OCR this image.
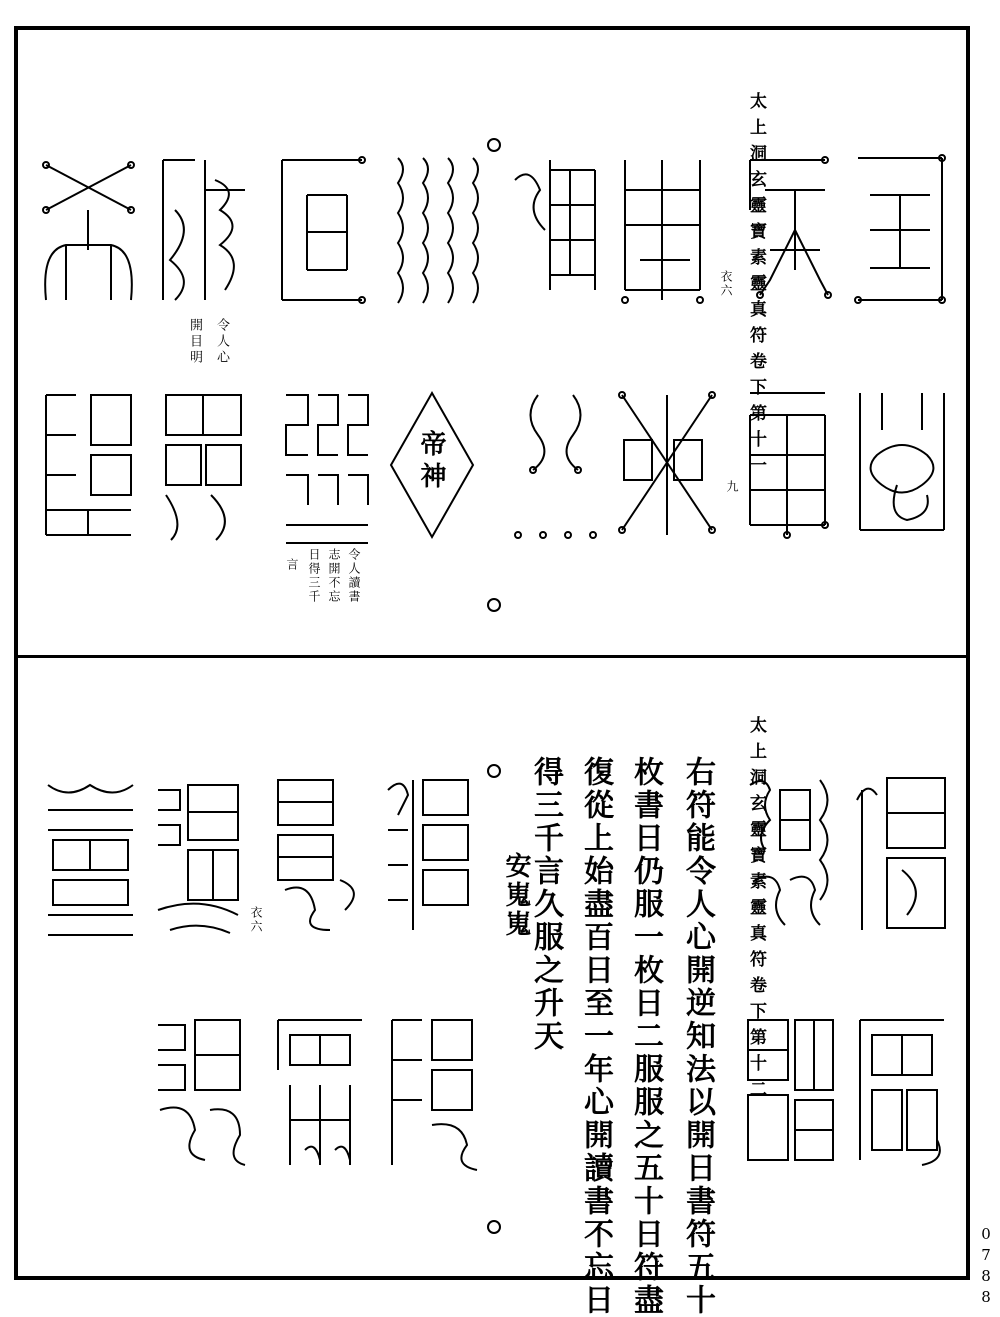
太上洞玄靈寶素靈真符卷下第十一
衣六
令人心
開目明
九
帝神
令人讀書
志開不忘
日得三千
言
太上洞玄靈寶素靈真符卷下第十二
右符能令人心開逆知法以開日書符五十
枚書日仍服一枚日二服服之五十日符盡
復從上始盡百日至一年心開讀書不忘日
得三千言久服之升天
安嵬嵬
衣六
0788
